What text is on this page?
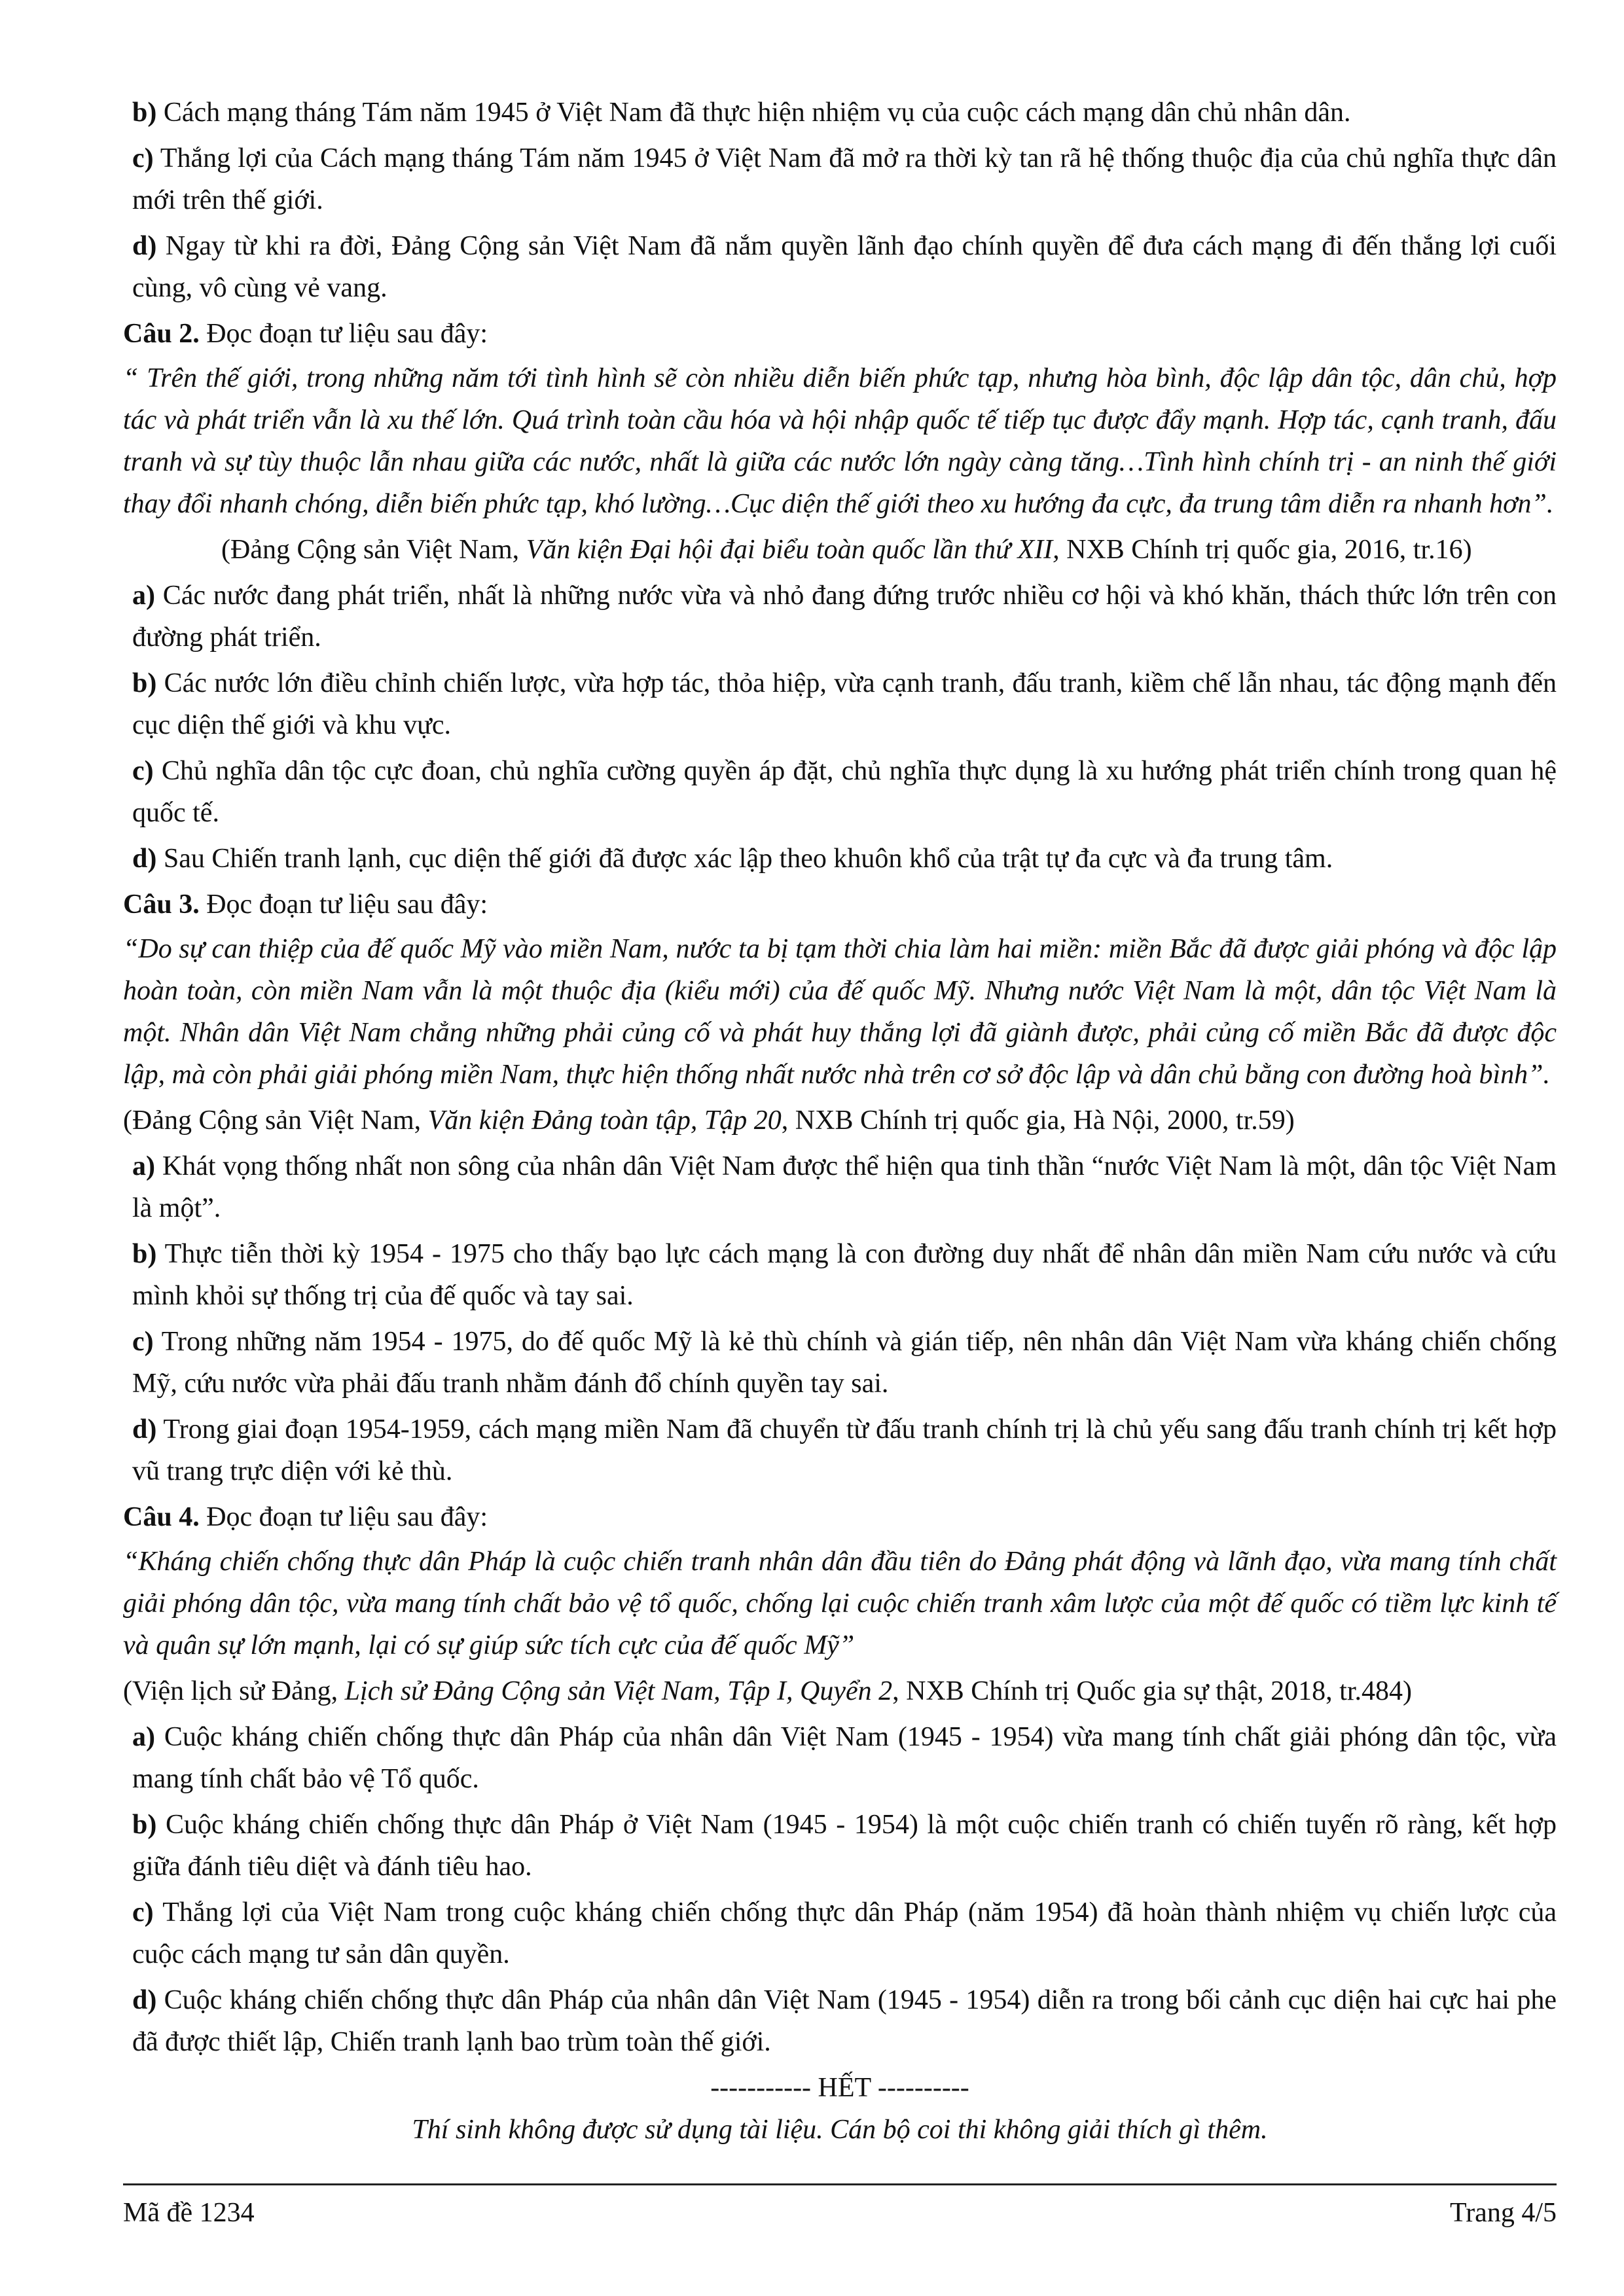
b) Cách mạng tháng Tám năm 1945 ở Việt Nam đã thực hiện nhiệm vụ của cuộc cách mạng dân chủ nhân dân.

c) Thắng lợi của Cách mạng tháng Tám năm 1945 ở Việt Nam đã mở ra thời kỳ tan rã hệ thống thuộc địa của chủ nghĩa thực dân mới trên thế giới.

d) Ngay từ khi ra đời, Đảng Cộng sản Việt Nam đã nắm quyền lãnh đạo chính quyền để đưa cách mạng đi đến thắng lợi cuối cùng, vô cùng vẻ vang.

Câu 2. Đọc đoạn tư liệu sau đây:

“ Trên thế giới, trong những năm tới tình hình sẽ còn nhiều diễn biến phức tạp, nhưng hòa bình, độc lập dân tộc, dân chủ, hợp tác và phát triển vẫn là xu thế lớn. Quá trình toàn cầu hóa và hội nhập quốc tế tiếp tục được đẩy mạnh. Hợp tác, cạnh tranh, đấu tranh và sự tùy thuộc lẫn nhau giữa các nước, nhất là giữa các nước lớn ngày càng tăng…Tình hình chính trị - an ninh thế giới thay đổi nhanh chóng, diễn biến phức tạp, khó lường…Cục diện thế giới theo xu hướng đa cực, đa trung tâm diễn ra nhanh hơn”.

(Đảng Cộng sản Việt Nam, Văn kiện Đại hội đại biểu toàn quốc lần thứ XII, NXB Chính trị quốc gia, 2016, tr.16)

a) Các nước đang phát triển, nhất là những nước vừa và nhỏ đang đứng trước nhiều cơ hội và khó khăn, thách thức lớn trên con đường phát triển.

b) Các nước lớn điều chỉnh chiến lược, vừa hợp tác, thỏa hiệp, vừa cạnh tranh, đấu tranh, kiềm chế lẫn nhau, tác động mạnh đến cục diện thế giới và khu vực.

c) Chủ nghĩa dân tộc cực đoan, chủ nghĩa cường quyền áp đặt, chủ nghĩa thực dụng là xu hướng phát triển chính trong quan hệ quốc tế.

d) Sau Chiến tranh lạnh, cục diện thế giới đã được xác lập theo khuôn khổ của trật tự đa cực và đa trung tâm.

Câu 3. Đọc đoạn tư liệu sau đây:

“Do sự can thiệp của đế quốc Mỹ vào miền Nam, nước ta bị tạm thời chia làm hai miền: miền Bắc đã được giải phóng và độc lập hoàn toàn, còn miền Nam vẫn là một thuộc địa (kiểu mới) của đế quốc Mỹ. Nhưng nước Việt Nam là một, dân tộc Việt Nam là một. Nhân dân Việt Nam chẳng những phải củng cố và phát huy thắng lợi đã giành được, phải củng cố miền Bắc đã được độc lập, mà còn phải giải phóng miền Nam, thực hiện thống nhất nước nhà trên cơ sở độc lập và dân chủ bằng con đường hoà bình”.

(Đảng Cộng sản Việt Nam, Văn kiện Đảng toàn tập, Tập 20, NXB Chính trị quốc gia, Hà Nội, 2000, tr.59)

a) Khát vọng thống nhất non sông của nhân dân Việt Nam được thể hiện qua tinh thần “nước Việt Nam là một, dân tộc Việt Nam là một”.

b) Thực tiễn thời kỳ 1954 - 1975 cho thấy bạo lực cách mạng là con đường duy nhất để nhân dân miền Nam cứu nước và cứu mình khỏi sự thống trị của đế quốc và tay sai.

c) Trong những năm 1954 - 1975, do đế quốc Mỹ là kẻ thù chính và gián tiếp, nên nhân dân Việt Nam vừa kháng chiến chống Mỹ, cứu nước vừa phải đấu tranh nhằm đánh đổ chính quyền tay sai.

d) Trong giai đoạn 1954-1959, cách mạng miền Nam đã chuyển từ đấu tranh chính trị là chủ yếu sang đấu tranh chính trị kết hợp vũ trang trực diện với kẻ thù.

Câu 4. Đọc đoạn tư liệu sau đây:

“Kháng chiến chống thực dân Pháp là cuộc chiến tranh nhân dân đầu tiên do Đảng phát động và lãnh đạo, vừa mang tính chất giải phóng dân tộc, vừa mang tính chất bảo vệ tổ quốc, chống lại cuộc chiến tranh xâm lược của một đế quốc có tiềm lực kinh tế và quân sự lớn mạnh, lại có sự giúp sức tích cực của đế quốc Mỹ”

(Viện lịch sử Đảng, Lịch sử Đảng Cộng sản Việt Nam, Tập I, Quyển 2, NXB Chính trị Quốc gia sự thật, 2018, tr.484)

a) Cuộc kháng chiến chống thực dân Pháp của nhân dân Việt Nam (1945 - 1954) vừa mang tính chất giải phóng dân tộc, vừa mang tính chất bảo vệ Tổ quốc.

b) Cuộc kháng chiến chống thực dân Pháp ở Việt Nam (1945 - 1954) là một cuộc chiến tranh có chiến tuyến rõ ràng, kết hợp giữa đánh tiêu diệt và đánh tiêu hao.

c) Thắng lợi của Việt Nam trong cuộc kháng chiến chống thực dân Pháp (năm 1954) đã hoàn thành nhiệm vụ chiến lược của cuộc cách mạng tư sản dân quyền.

d) Cuộc kháng chiến chống thực dân Pháp của nhân dân Việt Nam (1945 - 1954) diễn ra trong bối cảnh cục diện hai cực hai phe đã được thiết lập, Chiến tranh lạnh bao trùm toàn thế giới.

----------- HẾT ----------

Thí sinh không được sử dụng tài liệu. Cán bộ coi thi không giải thích gì thêm.

Mã đề 1234	Trang 4/5
